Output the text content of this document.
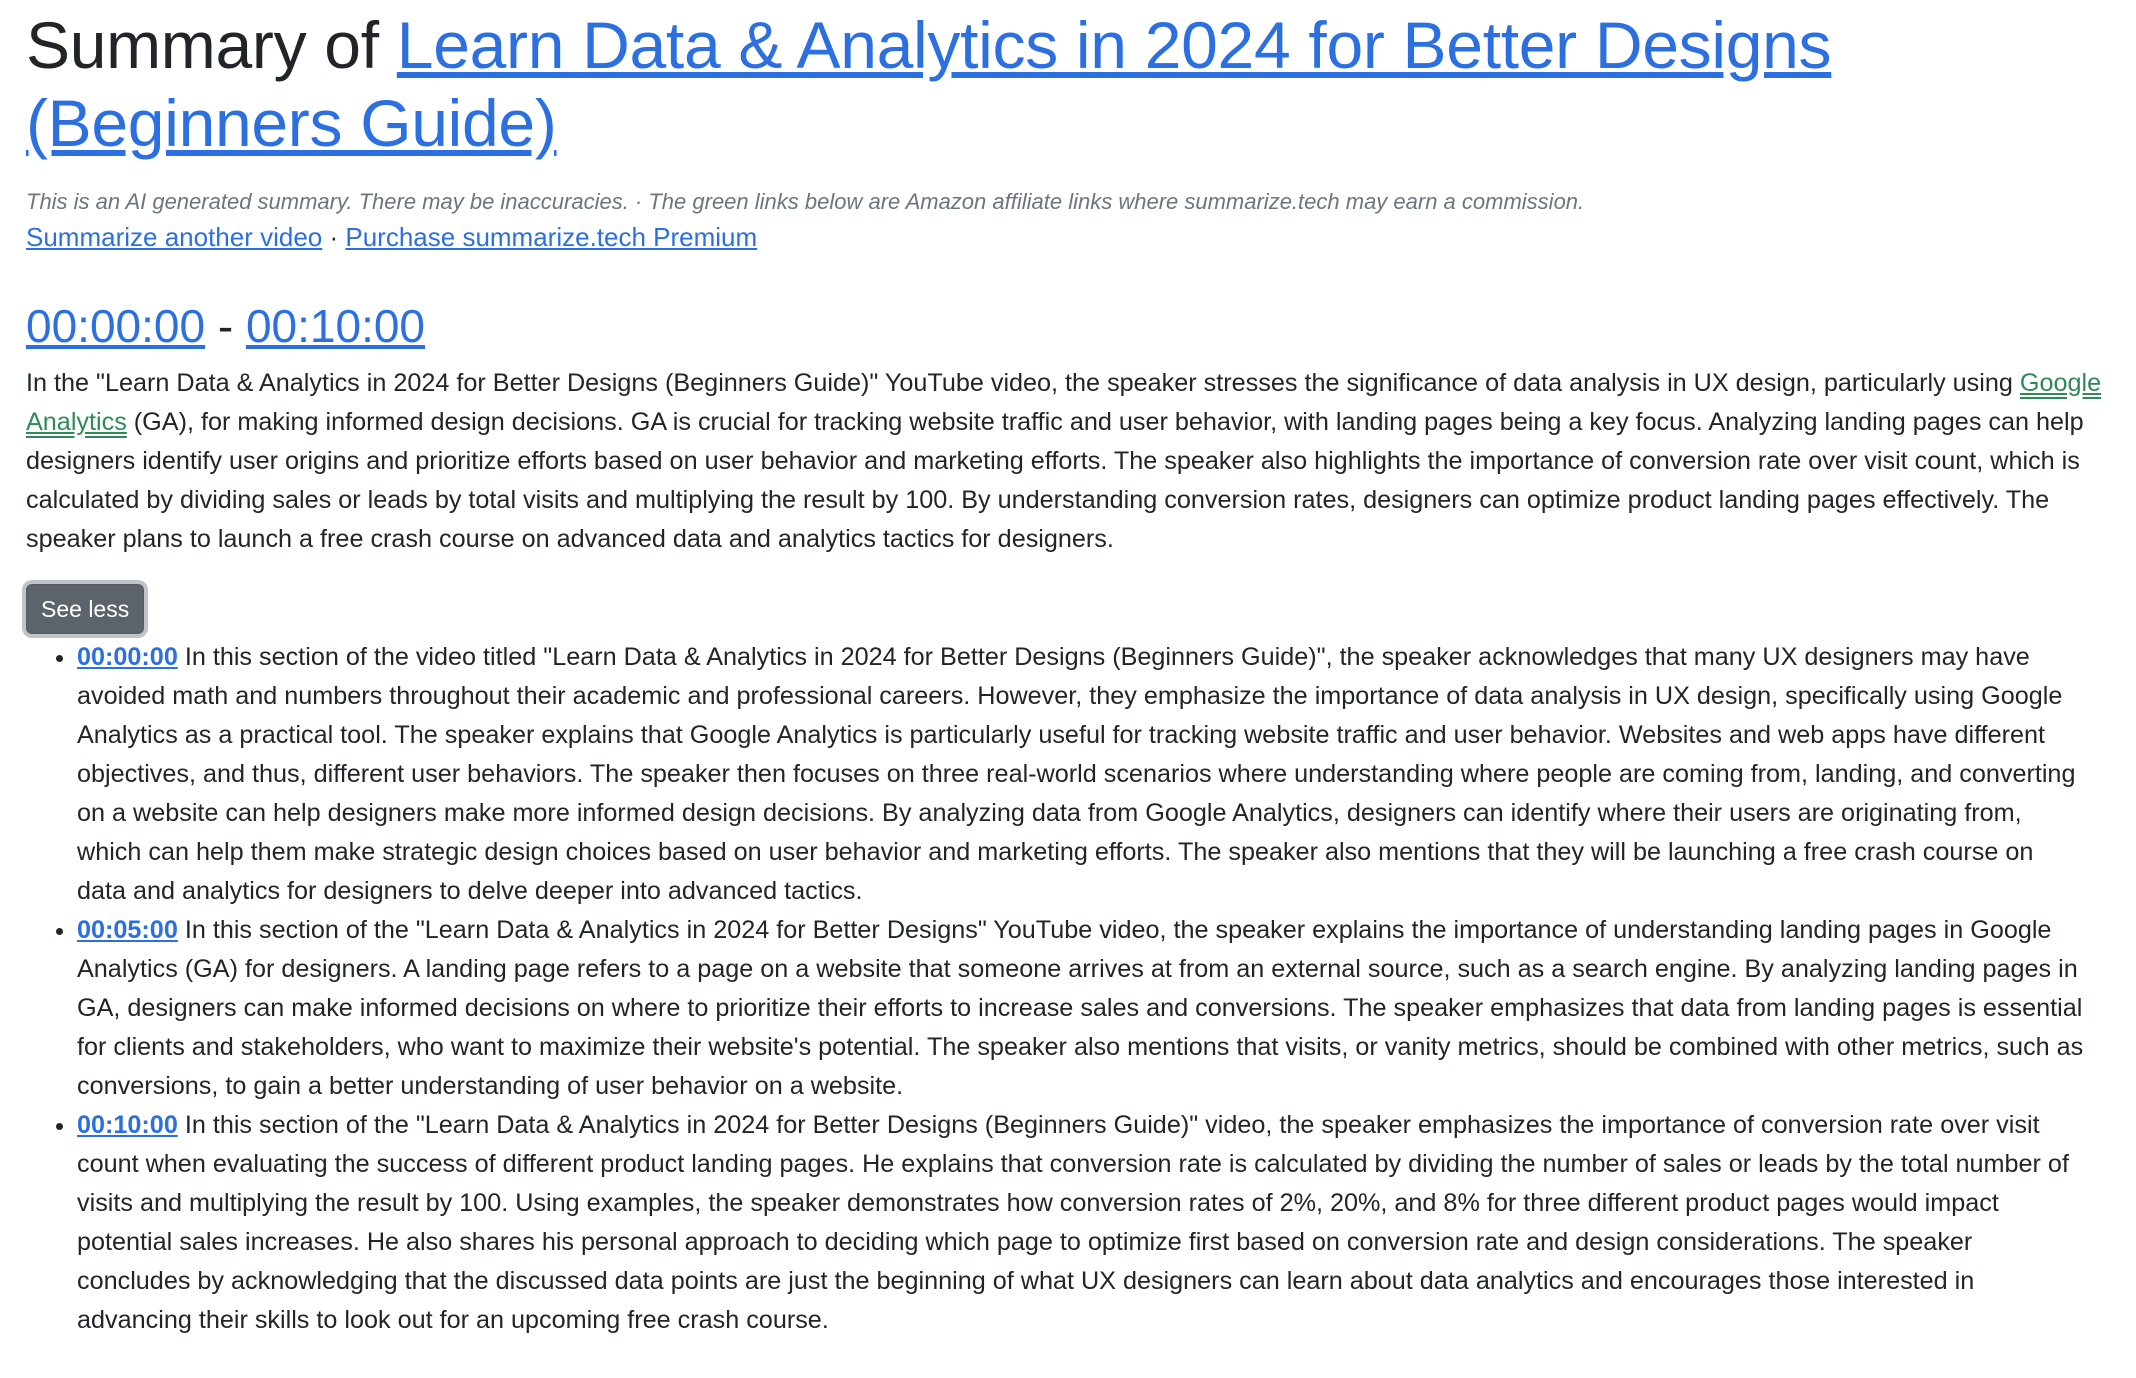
Summary of Learn Data & Analytics in 2024 for Better Designs (Beginners Guide)

This is an AI generated summary. There may be inaccuracies. · The green links below are Amazon affiliate links where summarize.tech may earn a commission.

Summarize another video · Purchase summarize.tech Premium

00:00:00 - 00:10:00

In the "Learn Data & Analytics in 2024 for Better Designs (Beginners Guide)" YouTube video, the speaker stresses the significance of data analysis in UX design, particularly using Google Analytics (GA), for making informed design decisions. GA is crucial for tracking website traffic and user behavior, with landing pages being a key focus. Analyzing landing pages can help designers identify user origins and prioritize efforts based on user behavior and marketing efforts. The speaker also highlights the importance of conversion rate over visit count, which is calculated by dividing sales or leads by total visits and multiplying the result by 100. By understanding conversion rates, designers can optimize product landing pages effectively. The speaker plans to launch a free crash course on advanced data and analytics tactics for designers.

See less
• 00:00:00 In this section of the video titled "Learn Data & Analytics in 2024 for Better Designs (Beginners Guide)", the speaker acknowledges that many UX designers may have avoided math and numbers throughout their academic and professional careers. However, they emphasize the importance of data analysis in UX design, specifically using Google Analytics as a practical tool. The speaker explains that Google Analytics is particularly useful for tracking website traffic and user behavior. Websites and web apps have different objectives, and thus, different user behaviors. The speaker then focuses on three real-world scenarios where understanding where people are coming from, landing, and converting on a website can help designers make more informed design decisions. By analyzing data from Google Analytics, designers can identify where their users are originating from, which can help them make strategic design choices based on user behavior and marketing efforts. The speaker also mentions that they will be launching a free crash course on data and analytics for designers to delve deeper into advanced tactics.
• 00:05:00 In this section of the "Learn Data & Analytics in 2024 for Better Designs" YouTube video, the speaker explains the importance of understanding landing pages in Google Analytics (GA) for designers. A landing page refers to a page on a website that someone arrives at from an external source, such as a search engine. By analyzing landing pages in GA, designers can make informed decisions on where to prioritize their efforts to increase sales and conversions. The speaker emphasizes that data from landing pages is essential for clients and stakeholders, who want to maximize their website's potential. The speaker also mentions that visits, or vanity metrics, should be combined with other metrics, such as conversions, to gain a better understanding of user behavior on a website.
• 00:10:00 In this section of the "Learn Data & Analytics in 2024 for Better Designs (Beginners Guide)" video, the speaker emphasizes the importance of conversion rate over visit count when evaluating the success of different product landing pages. He explains that conversion rate is calculated by dividing the number of sales or leads by the total number of visits and multiplying the result by 100. Using examples, the speaker demonstrates how conversion rates of 2%, 20%, and 8% for three different product pages would impact potential sales increases. He also shares his personal approach to deciding which page to optimize first based on conversion rate and design considerations. The speaker concludes by acknowledging that the discussed data points are just the beginning of what UX designers can learn about data analytics and encourages those interested in advancing their skills to look out for an upcoming free crash course.
